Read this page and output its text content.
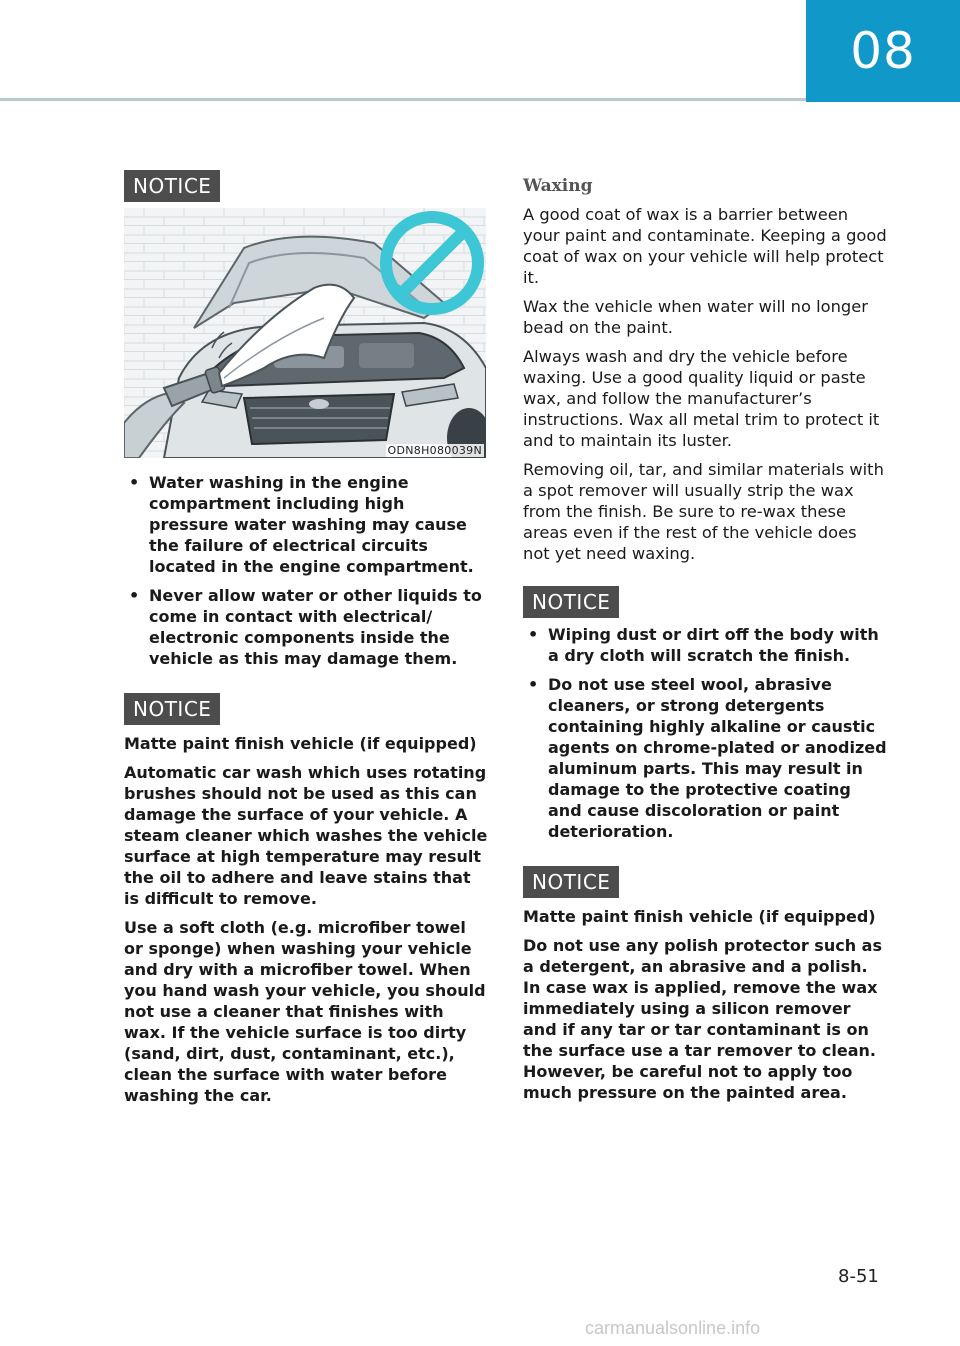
08
NOTICE
ODN8H080039N
• Water washing in the engine compartment including high pressure water washing may cause the failure of electrical circuits located in the engine compartment.
• Never allow water or other liquids to come in contact with electrical/ electronic components inside the vehicle as this may damage them.
NOTICE

Matte paint finish vehicle (if equipped)

Automatic car wash which uses rotating brushes should not be used as this can damage the surface of your vehicle. A steam cleaner which washes the vehicle surface at high temperature may result the oil to adhere and leave stains that is difficult to remove.

Use a soft cloth (e.g. microfiber towel or sponge) when washing your vehicle and dry with a microfiber towel. When you hand wash your vehicle, you should not use a cleaner that finishes with wax. If the vehicle surface is too dirty (sand, dirt, dust, contaminant, etc.), clean the surface with water before washing the car.

Waxing

A good coat of wax is a barrier between your paint and contaminate. Keeping a good coat of wax on your vehicle will help protect it.

Wax the vehicle when water will no longer bead on the paint.

Always wash and dry the vehicle before waxing. Use a good quality liquid or paste wax, and follow the manufacturer’s instructions. Wax all metal trim to protect it and to maintain its luster.

Removing oil, tar, and similar materials with a spot remover will usually strip the wax from the finish. Be sure to re-wax these areas even if the rest of the vehicle does not yet need waxing.

NOTICE
• Wiping dust or dirt off the body with a dry cloth will scratch the finish.
• Do not use steel wool, abrasive cleaners, or strong detergents containing highly alkaline or caustic agents on chrome-plated or anodized aluminum parts. This may result in damage to the protective coating and cause discoloration or paint deterioration.
NOTICE

Matte paint finish vehicle (if equipped)

Do not use any polish protector such as a detergent, an abrasive and a polish. In case wax is applied, remove the wax immediately using a silicon remover and if any tar or tar contaminant is on the surface use a tar remover to clean. However, be careful not to apply too much pressure on the painted area.

8-51
carmanualsonline.info
